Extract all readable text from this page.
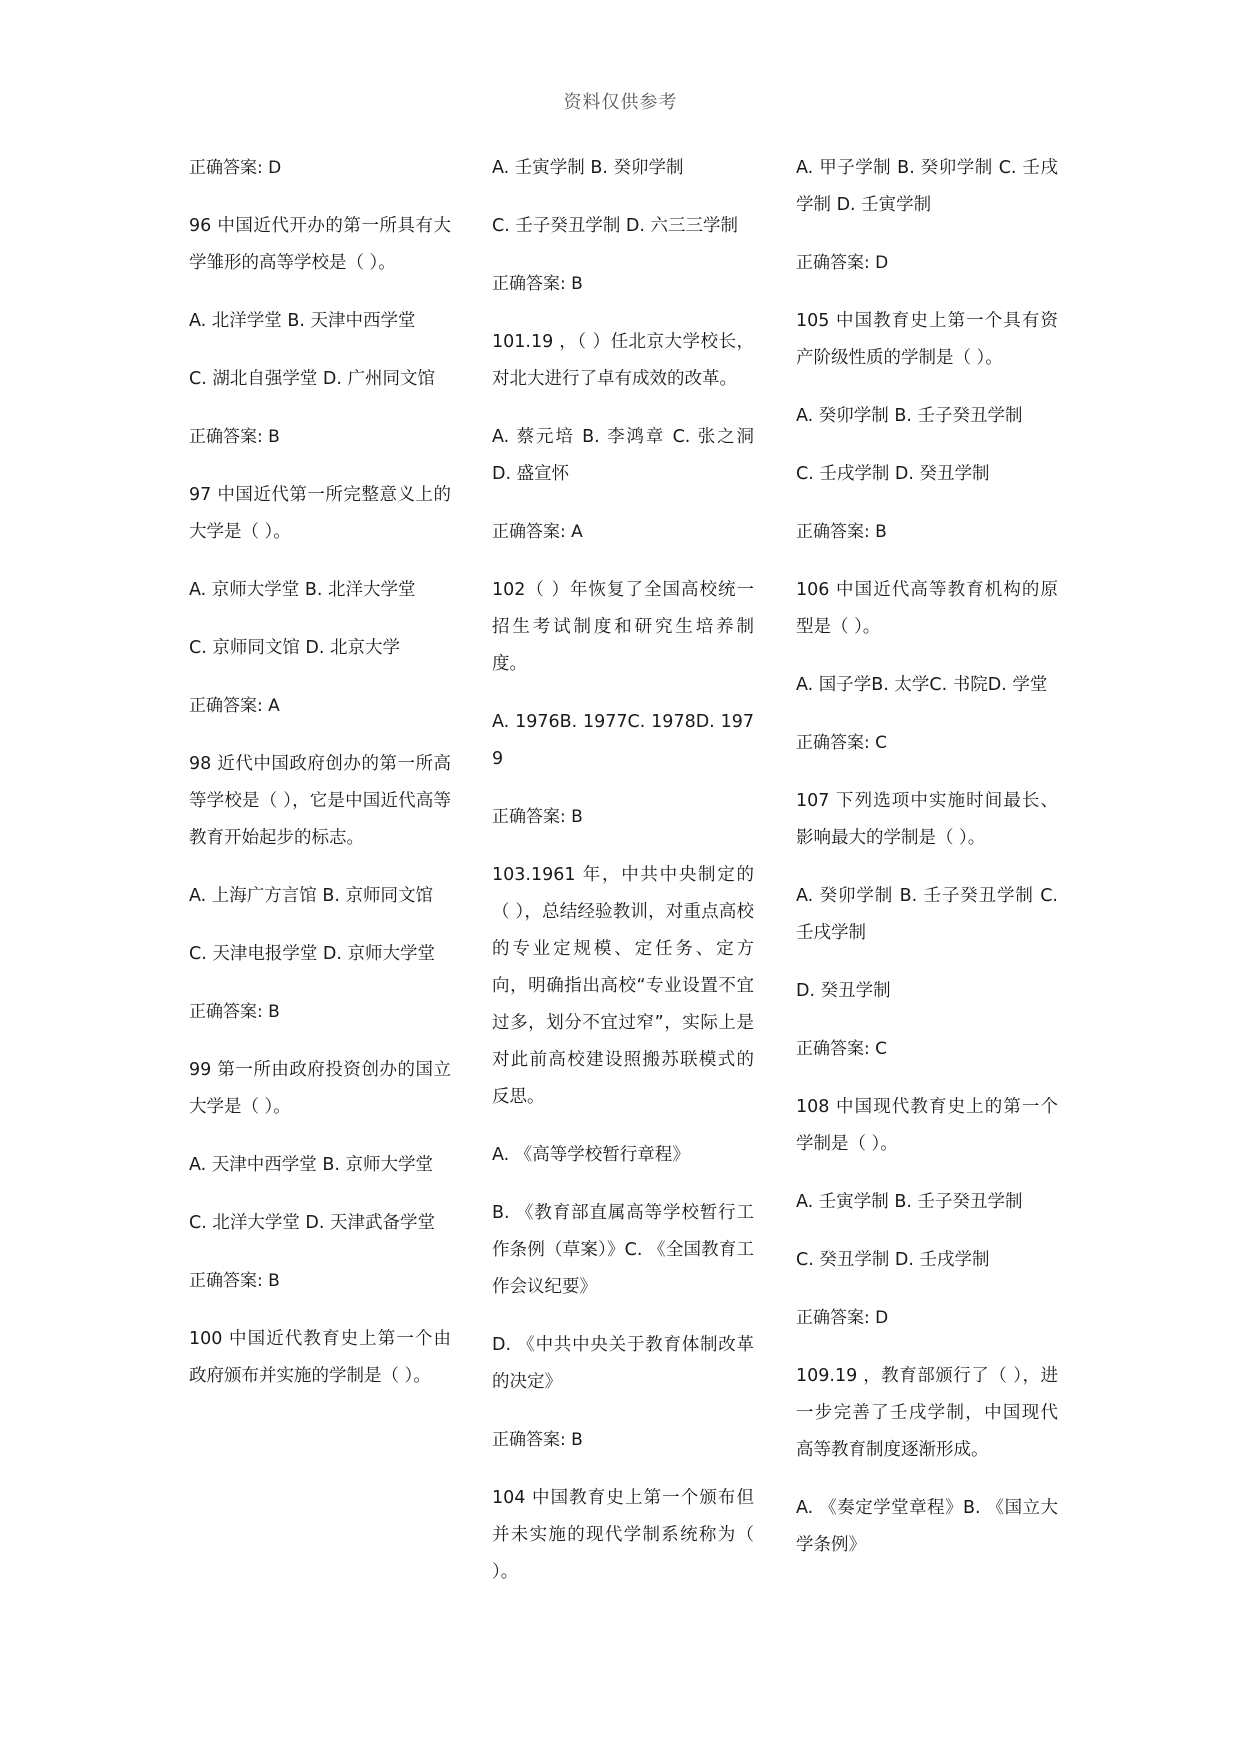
资料仅供参考

正确答案: D

96 中国近代开办的第一所具有大学雏形的高等学校是（ ）。

A. 北洋学堂 B. 天津中西学堂

C. 湖北自强学堂 D. 广州同文馆

正确答案: B

97 中国近代第一所完整意义上的大学是（ ）。

A. 京师大学堂 B. 北洋大学堂

C. 京师同文馆 D. 北京大学

正确答案: A

98 近代中国政府创办的第一所高等学校是（ ），它是中国近代高等教育开始起步的标志。

A. 上海广方言馆 B. 京师同文馆

C. 天津电报学堂 D. 京师大学堂

正确答案: B

99 第一所由政府投资创办的国立大学是（ ）。

A. 天津中西学堂 B. 京师大学堂

C. 北洋大学堂 D. 天津武备学堂

正确答案: B

100 中国近代教育史上第一个由政府颁布并实施的学制是（ ）。

A. 壬寅学制 B. 癸卯学制

C. 壬子癸丑学制 D. 六三三学制

正确答案: B

101.19 ，（ ）任北京大学校长，对北大进行了卓有成效的改革。

A. 蔡元培 B. 李鸿章 C. 张之洞 D. 盛宣怀

正确答案: A

102（ ）年恢复了全国高校统一招生考试制度和研究生培养制度。

A. 1976B. 1977C. 1978D. 1979

正确答案: B

103.1961 年，中共中央制定的（ ），总结经验教训，对重点高校的专业定规模、定任务、定方向，明确指出高校“专业设置不宜过多，划分不宜过窄”，实际上是对此前高校建设照搬苏联模式的反思。

A. 《高等学校暂行章程》

B. 《教育部直属高等学校暂行工作条例（草案）》C. 《全国教育工作会议纪要》

D. 《中共中央关于教育体制改革的决定》

正确答案: B

104 中国教育史上第一个颁布但并未实施的现代学制系统称为（ ）。

A. 甲子学制 B. 癸卯学制 C. 壬戌学制 D. 壬寅学制

正确答案: D

105 中国教育史上第一个具有资产阶级性质的学制是（ ）。

A. 癸卯学制 B. 壬子癸丑学制

C. 壬戌学制 D. 癸丑学制

正确答案: B

106 中国近代高等教育机构的原型是（ ）。

A. 国子学B. 太学C. 书院D. 学堂

正确答案: C

107 下列选项中实施时间最长、影响最大的学制是（ ）。

A. 癸卯学制 B. 壬子癸丑学制 C. 壬戌学制

D. 癸丑学制

正确答案: C

108 中国现代教育史上的第一个学制是（ ）。

A. 壬寅学制 B. 壬子癸丑学制

C. 癸丑学制 D. 壬戌学制

正确答案: D

109.19 ，教育部颁行了（ ），进一步完善了壬戌学制，中国现代高等教育制度逐渐形成。

A. 《奏定学堂章程》B. 《国立大学条例》
